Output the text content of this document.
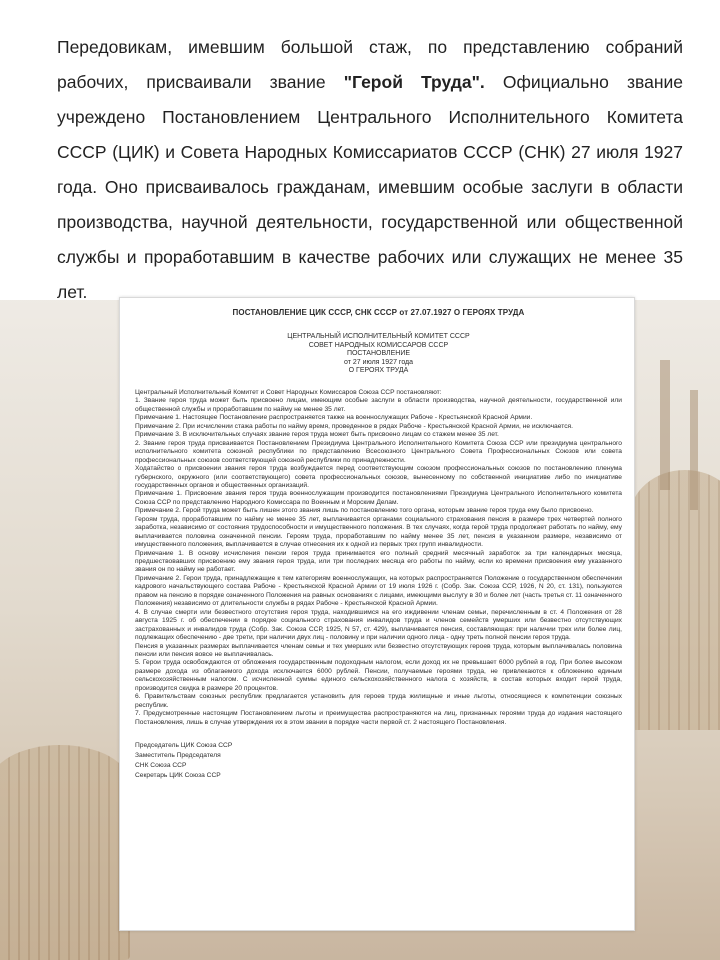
Передовикам, имевшим большой стаж, по представлению собраний рабочих, присваивали звание "Герой Труда". Официально звание учреждено Постановлением Центрального Исполнительного Комитета СССР (ЦИК) и Совета Народных Комиссариатов СССР (СНК) 27 июля 1927 года. Оно присваивалось гражданам, имевшим особые заслуги в области производства, научной деятельности, государственной или общественной службы и проработавшим в качестве рабочих или служащих не менее 35 лет.

ПОСТАНОВЛЕНИЕ ЦИК СССР, СНК СССР от 27.07.1927 О ГЕРОЯХ ТРУДА
ЦЕНТРАЛЬНЫЙ ИСПОЛНИТЕЛЬНЫЙ КОМИТЕТ СССР
СОВЕТ НАРОДНЫХ КОМИССАРОВ СССР
ПОСТАНОВЛЕНИЕ
от 27 июля 1927 года
О ГЕРОЯХ ТРУДА

Центральный Исполнительный Комитет и Совет Народных Комиссаров Союза ССР постановляют:

1. Звание героя труда может быть присвоено лицам, имеющим особые заслуги в области производства, научной деятельности, государственной или общественной службы и проработавшим по найму не менее 35 лет.

Примечание 1. Настоящее Постановление распространяется также на военнослужащих Рабоче - Крестьянской Красной Армии.

Примечание 2. При исчислении стажа работы по найму время, проведенное в рядах Рабоче - Крестьянской Красной Армии, не исключается.

Примечание 3. В исключительных случаях звание героя труда может быть присвоено лицам со стажем менее 35 лет.

2. Звание героя труда присваивается Постановлением Президиума Центрального Исполнительного Комитета Союза ССР или президиума центрального исполнительного комитета союзной республики по представлению Всесоюзного Центрального Совета Профессиональных Союзов или совета профессиональных союзов соответствующей союзной республики по принадлежности.

Ходатайство о присвоении звания героя труда возбуждается перед соответствующим союзом профессиональных союзов по постановлению пленума губернского, окружного (или соответствующего) совета профессиональных союзов, вынесенному по собственной инициативе либо по инициативе государственных органов и общественных организаций.

Примечание 1. Присвоение звания героя труда военнослужащим производится постановлениями Президиума Центрального Исполнительного комитета Союза ССР по представлению Народного Комиссара по Военным и Морским Делам.

Примечание 2. Герой труда может быть лишен этого звания лишь по постановлению того органа, которым звание героя труда ему было присвоено.

Героям труда, проработавшим по найму не менее 35 лет, выплачивается органами социального страхования пенсия в размере трех четвертей полного заработка, независимо от состояния трудоспособности и имущественного положения. В тех случаях, когда герой труда продолжает работать по найму, ему выплачивается половина означенной пенсии. Героям труда, проработавшим по найму менее 35 лет, пенсия в указанном размере, независимо от имущественного положения, выплачивается в случае отнесения их к одной из первых трех групп инвалидности.

Примечание 1. В основу исчисления пенсии героя труда принимается его полный средний месячный заработок за три календарных месяца, предшествовавших присвоению ему звания героя труда, или три последних месяца его работы по найму, если ко времени присвоения ему указанного звания он по найму не работает.

Примечание 2. Герои труда, принадлежащие к тем категориям военнослужащих, на которых распространяется Положение о государственном обеспечении кадрового начальствующего состава Рабоче - Крестьянской Красной Армии от 19 июля 1926 г. (Собр. Зак. Союза ССР, 1926, N 20, ст. 131), пользуются правом на пенсию в порядке означенного Положения на равных основаниях с лицами, имеющими выслугу в 30 и более лет (часть третья ст. 11 означенного Положения) независимо от длительности службы в рядах Рабоче - Крестьянской Красной Армии.

4. В случае смерти или безвестного отсутствия героя труда, находившимся на его иждивении членам семьи, перечисленным в ст. 4 Положения от 28 августа 1925 г. об обеспечении в порядке социального страхования инвалидов труда и членов семейств умерших или безвестно отсутствующих застрахованных и инвалидов труда (Собр. Зак. Союза ССР, 1925, N 57, ст. 429), выплачивается пенсия, составляющая: при наличии трех или более лиц, подлежащих обеспечению - две трети, при наличии двух лиц - половину и при наличии одного лица - одну треть полной пенсии героя труда.

Пенсия в указанных размерах выплачивается членам семьи и тех умерших или безвестно отсутствующих героев труда, которым выплачивалась половина пенсии или пенсия вовсе не выплачивалась.

5. Герои труда освобождаются от обложения государственным подоходным налогом, если доход их не превышает 6000 рублей в год. При более высоком размере дохода из облагаемого дохода исключается 6000 рублей. Пенсии, получаемые героями труда, не привлекаются к обложению единым сельскохозяйственным налогом. С исчисленной суммы единого сельскохозяйственного налога с хозяйств, в состав которых входит герой труда, производится скидка в размере 20 процентов.

6. Правительствам союзных республик предлагается установить для героев труда жилищные и иные льготы, относящиеся к компетенции союзных республик.

7. Предусмотренные настоящим Постановлением льготы и преимущества распространяются на лиц, признанных героями труда до издания настоящего Постановления, лишь в случае утверждения их в этом звании в порядке части первой ст. 2 настоящего Постановления.

Председатель ЦИК Союза ССР
Заместитель Председателя
СНК Союза ССР
Секретарь ЦИК Союза ССР
